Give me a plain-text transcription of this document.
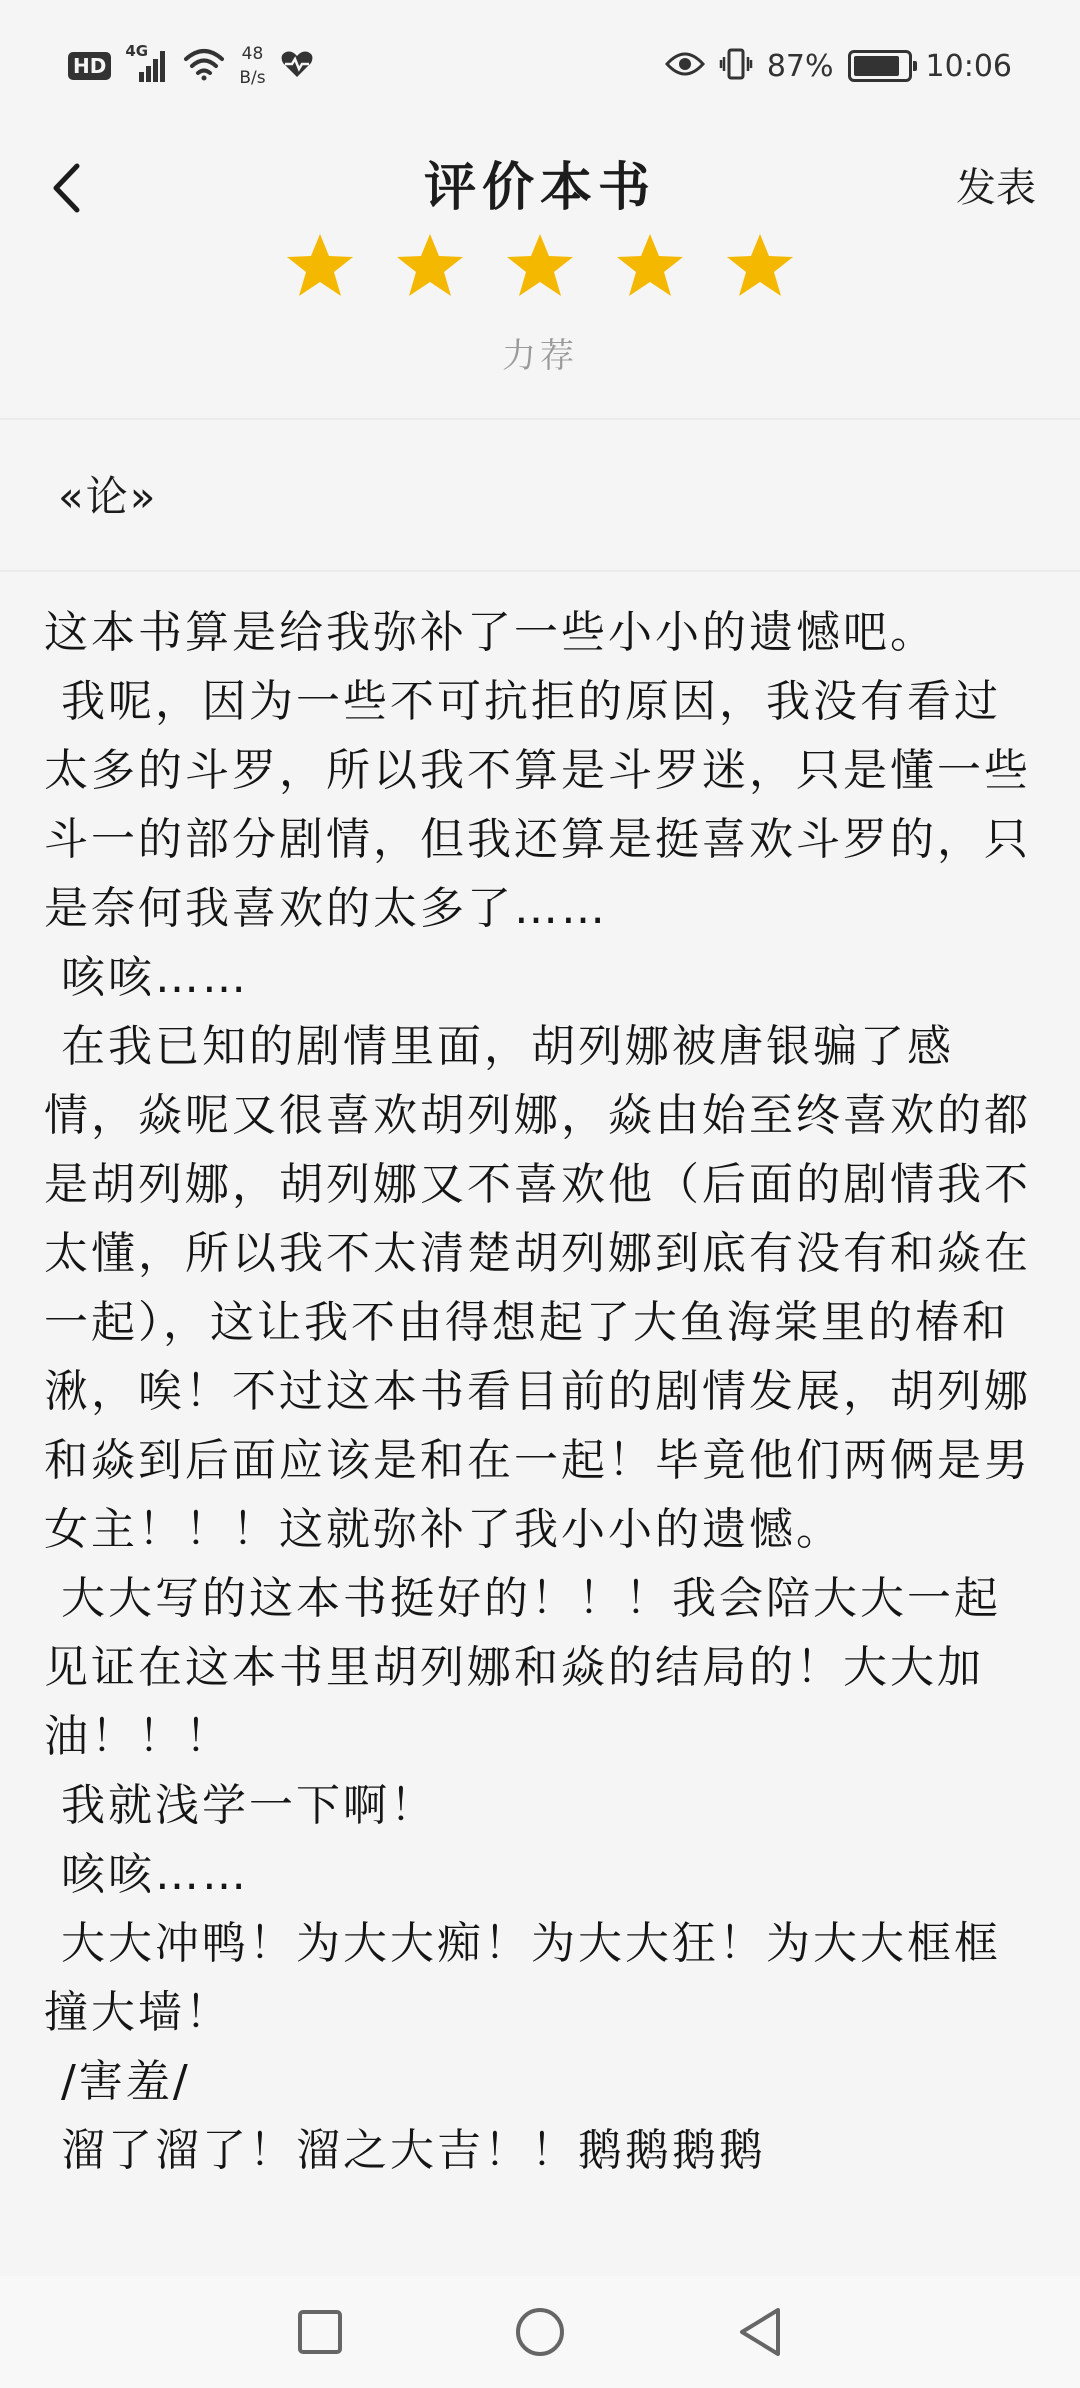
HD
4G	48
B/s	87%	10:06
评价本书	发表
力荐
«论»
这本书算是给我弥补了一些小小的遗憾吧。
我呢，因为一些不可抗拒的原因，我没有看过太多的斗罗，所以我不算是斗罗迷，只是懂一些斗一的部分剧情，但我还算是挺喜欢斗罗的，只是奈何我喜欢的太多了……
咳咳……
在我已知的剧情里面，胡列娜被唐银骗了感情，焱呢又很喜欢胡列娜，焱由始至终喜欢的都是胡列娜，胡列娜又不喜欢他（后面的剧情我不太懂，所以我不太清楚胡列娜到底有没有和焱在一起），这让我不由得想起了大鱼海棠里的椿和湫，唉！不过这本书看目前的剧情发展，胡列娜和焱到后面应该是和在一起！毕竟他们两俩是男女主！！！这就弥补了我小小的遗憾。
大大写的这本书挺好的！！！我会陪大大一起见证在这本书里胡列娜和焱的结局的！大大加油！！！
我就浅学一下啊！
咳咳……
大大冲鸭！为大大痴！为大大狂！为大大框框撞大墙！
/害羞/
溜了溜了！溜之大吉！！鹅鹅鹅鹅
